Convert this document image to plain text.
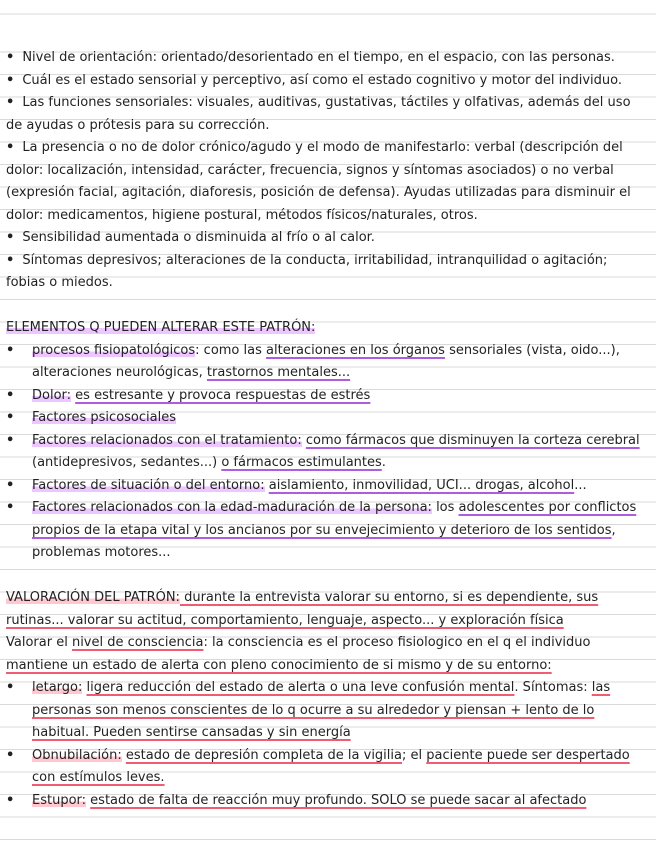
• Nivel de orientación: orientado/desorientado en el tiempo, en el espacio, con las personas.

• Cuál es el estado sensorial y perceptivo, así como el estado cognitivo y motor del individuo.

• Las funciones sensoriales: visuales, auditivas, gustativas, táctiles y olfativas, además del uso de ayudas o prótesis para su corrección.

• La presencia o no de dolor crónico/agudo y el modo de manifestarlo: verbal (descripción del dolor: localización, intensidad, carácter, frecuencia, signos y síntomas asociados) o no verbal (expresión facial, agitación, diaforesis, posición de defensa). Ayudas utilizadas para disminuir el dolor: medicamentos, higiene postural, métodos físicos/naturales, otros.

• Sensibilidad aumentada o disminuida al frío o al calor.

• Síntomas depresivos; alteraciones de la conducta, irritabilidad, intranquilidad o agitación; fobias o miedos.

ELEMENTOS Q PUEDEN ALTERAR ESTE PATRÓN:

• procesos fisiopatológicos: como las alteraciones en los órganos sensoriales (vista, oido...), alteraciones neurológicas, trastornos mentales...
• Dolor: es estresante y provoca respuestas de estrés
• Factores psicosociales
• Factores relacionados con el tratamiento: como fármacos que disminuyen la corteza cerebral (antidepresivos, sedantes...) o fármacos estimulantes.
• Factores de situación o del entorno: aislamiento, inmovilidad, UCI... drogas, alcohol...
• Factores relacionados con la edad-maduración de la persona: los adolescentes por conflictos propios de la etapa vital y los ancianos por su envejecimiento y deterioro de los sentidos, problemas motores...

VALORACIÓN DEL PATRÓN: durante la entrevista valorar su entorno, si es dependiente, sus rutinas... valorar su actitud, comportamiento, lenguaje, aspecto... y exploración física

Valorar el nivel de consciencia: la consciencia es el proceso fisiologico en el q el individuo mantiene un estado de alerta con pleno conocimiento de si mismo y de su entorno:

• letargo: ligera reducción del estado de alerta o una leve confusión mental. Síntomas: las personas son menos conscientes de lo q ocurre a su alrededor y piensan + lento de lo habitual. Pueden sentirse cansadas y sin energía
• Obnubilación: estado de depresión completa de la vigilia; el paciente puede ser despertado con estímulos leves.
• Estupor: estado de falta de reacción muy profundo. SOLO se puede sacar al afectado
